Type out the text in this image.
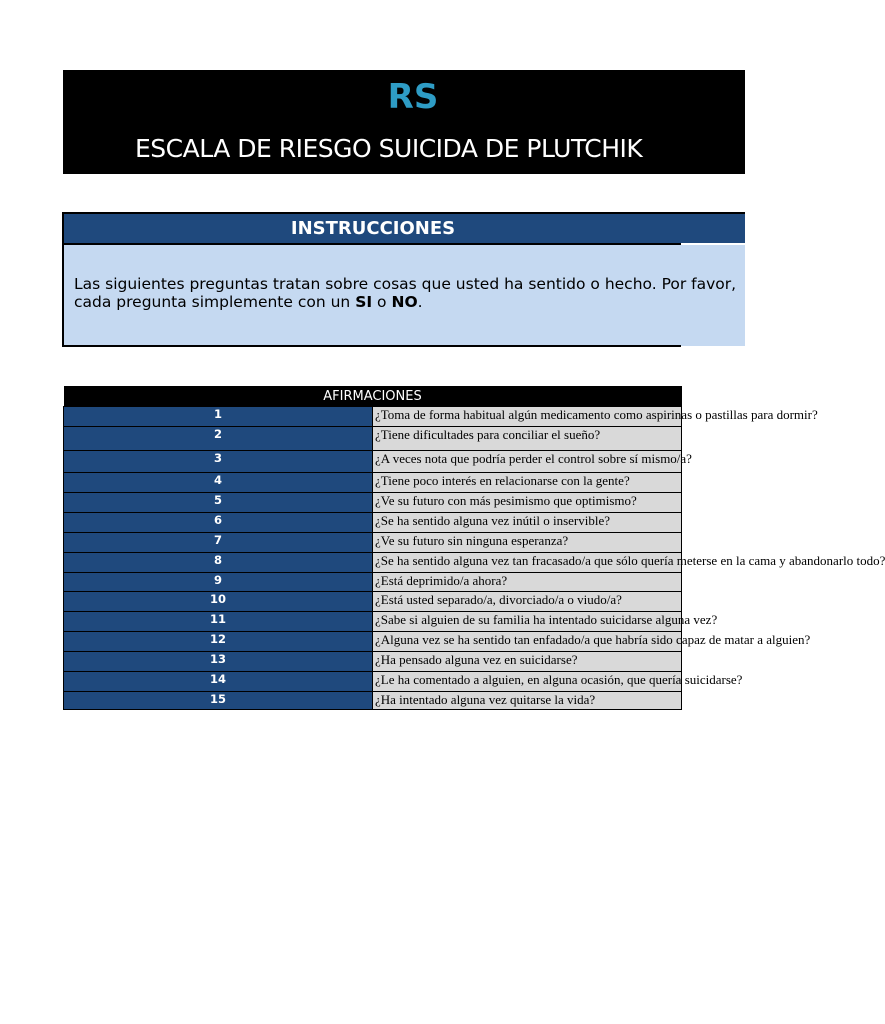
RS
ESCALA DE RIESGO SUICIDA DE PLUTCHIK
INSTRUCCIONES
Las siguientes preguntas tratan sobre cosas que usted ha sentido o hecho. Por favor,
cada pregunta simplemente con un SI o NO.
AFIRMACIONES	
1	¿Toma de forma habitual algún medicamento como aspirinas o pastillas para dormir?
2	¿Tiene dificultades para conciliar el sueño?
3	¿A veces nota que podría perder el control sobre sí mismo/a?
4	¿Tiene poco interés en relacionarse con la gente?
5	¿Ve su futuro con más pesimismo que optimismo?
6	¿Se ha sentido alguna vez inútil o inservible?
7	¿Ve su futuro sin ninguna esperanza?
8	¿Se ha sentido alguna vez tan fracasado/a que sólo quería meterse en la cama y abandonarlo todo?
9	¿Está deprimido/a ahora?
10	¿Está usted separado/a, divorciado/a o viudo/a?
11	¿Sabe si alguien de su familia ha intentado suicidarse alguna vez?
12	¿Alguna vez se ha sentido tan enfadado/a que habría sido capaz de matar a alguien?
13	¿Ha pensado alguna vez en suicidarse?
14	¿Le ha comentado a alguien, en alguna ocasión, que quería suicidarse?
15	¿Ha intentado alguna vez quitarse la vida?
